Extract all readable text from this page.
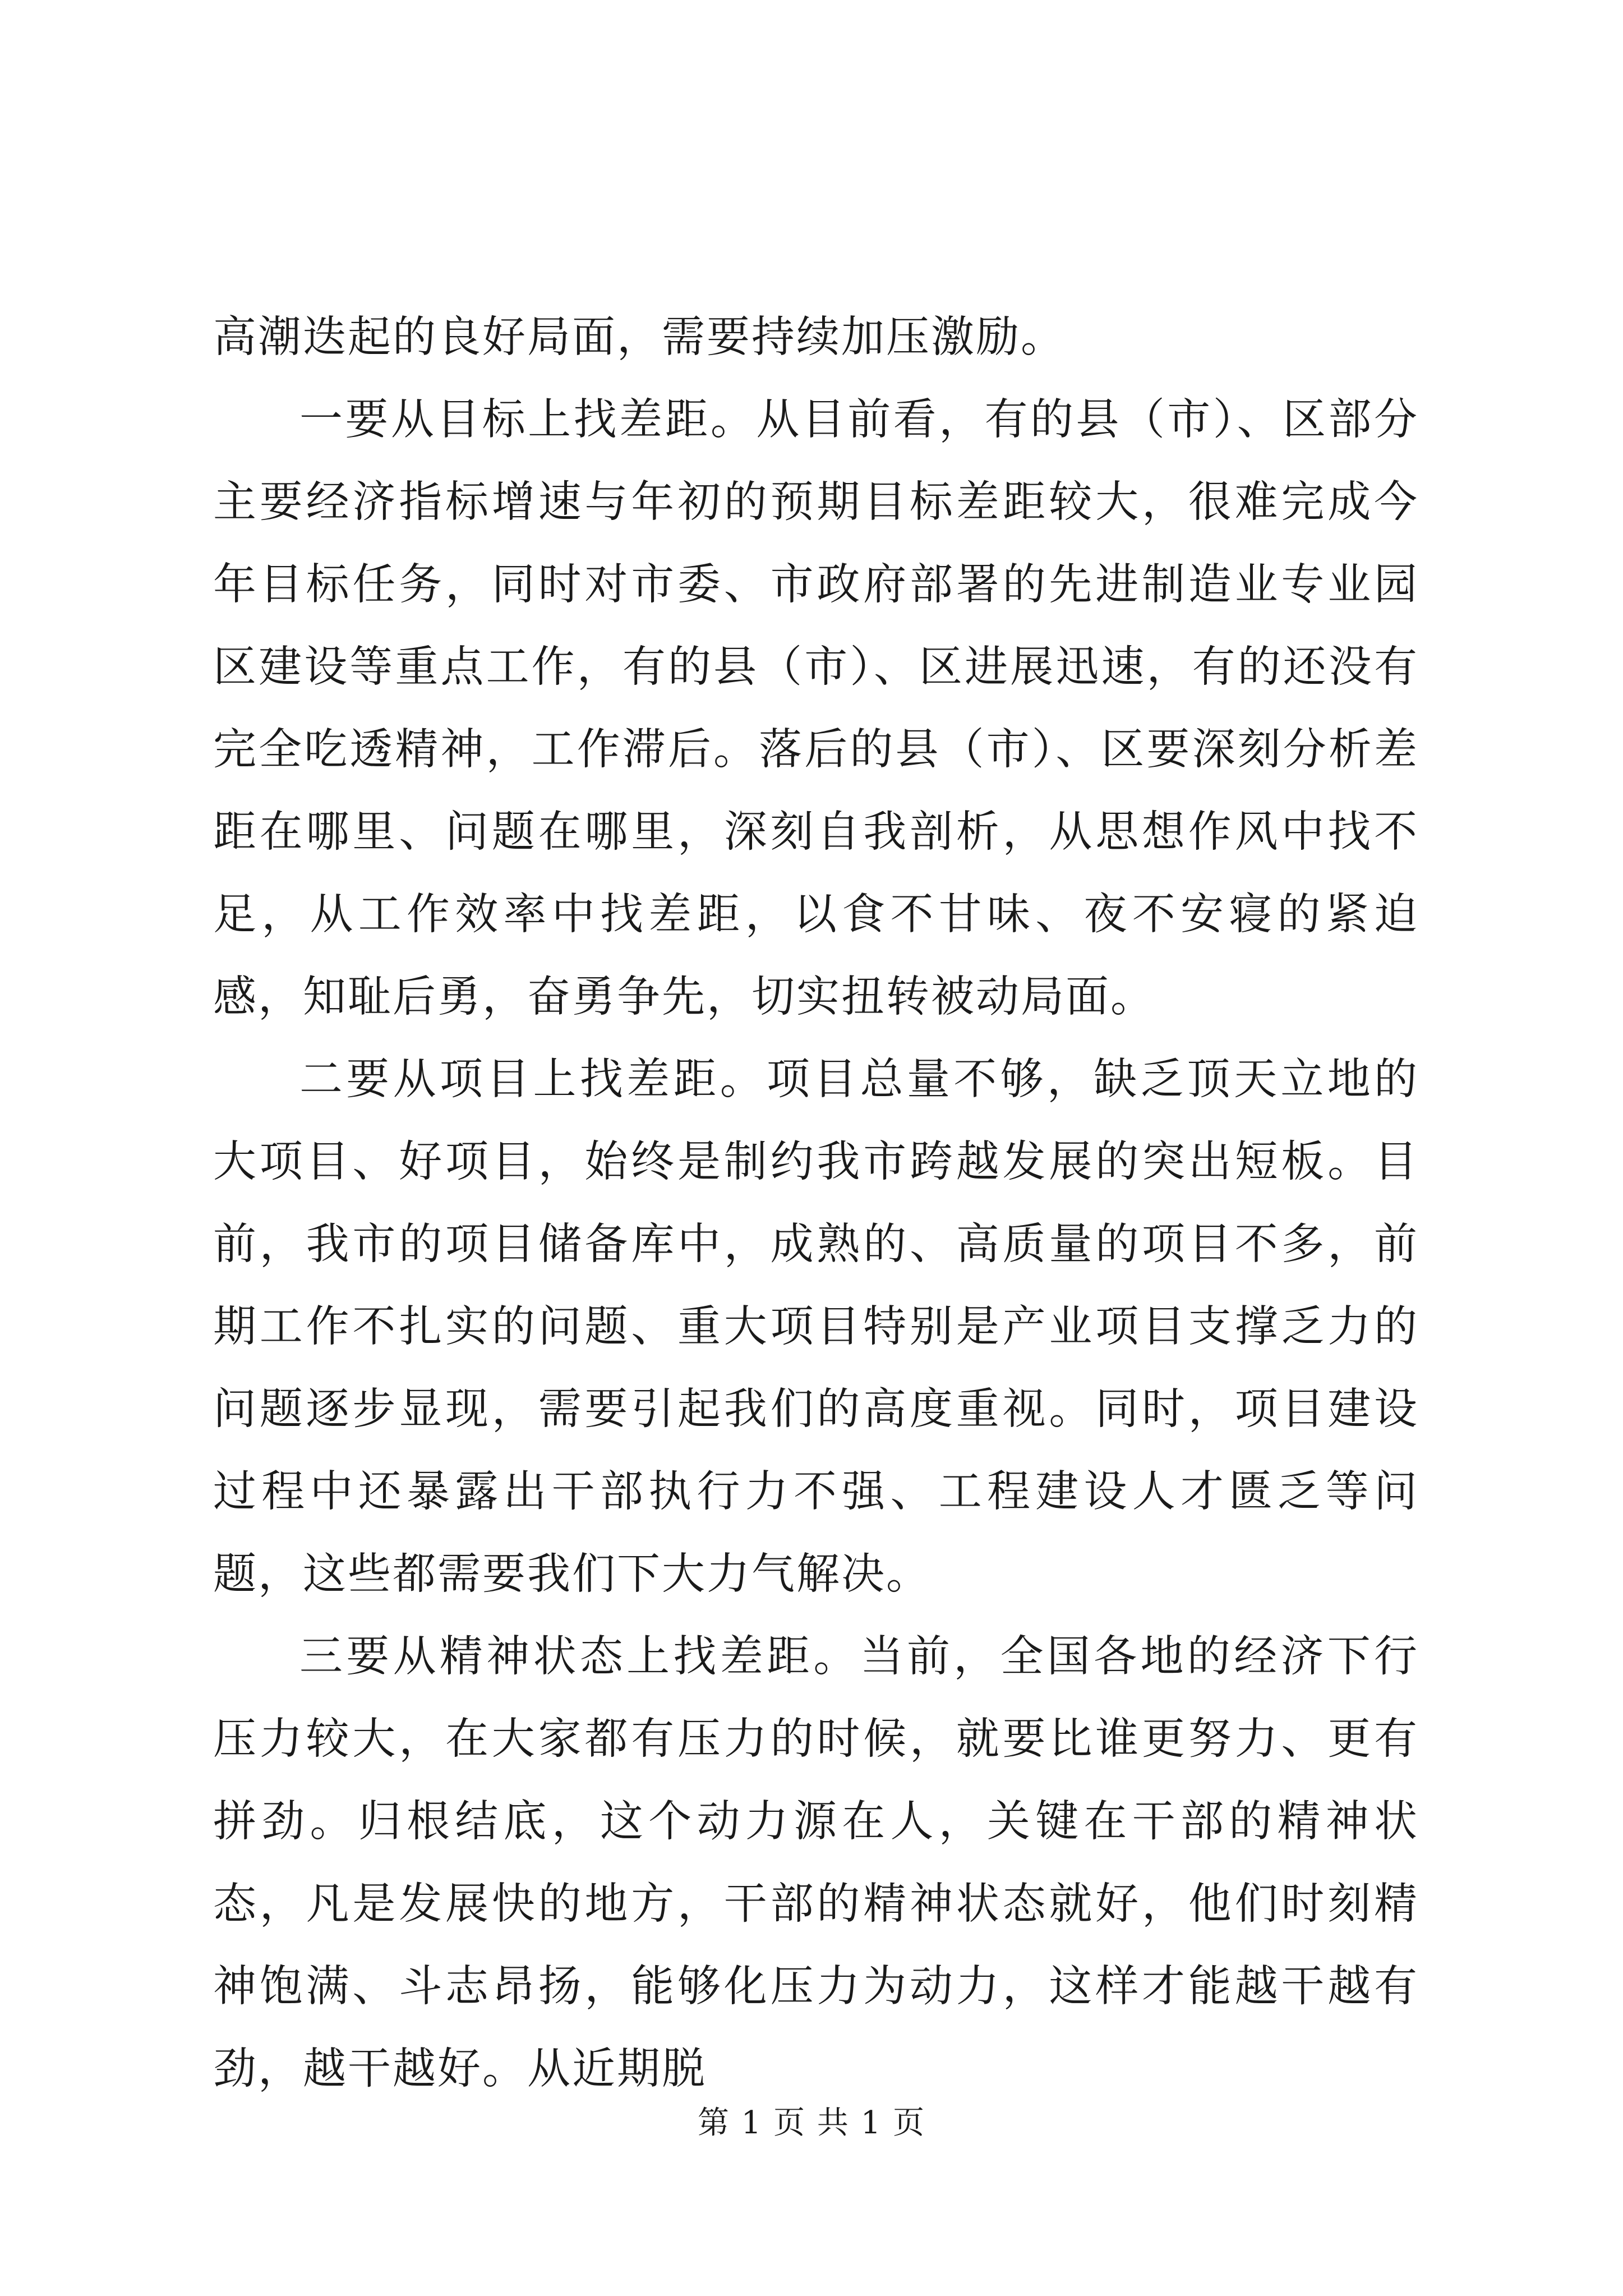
高潮迭起的良好局面，需要持续加压激励。

一要从目标上找差距。从目前看，有的县（市）、区部分主要经济指标增速与年初的预期目标差距较大，很难完成今年目标任务，同时对市委、市政府部署的先进制造业专业园区建设等重点工作，有的县（市）、区进展迅速，有的还没有完全吃透精神，工作滞后。落后的县（市）、区要深刻分析差距在哪里、问题在哪里，深刻自我剖析，从思想作风中找不足，从工作效率中找差距，以食不甘味、夜不安寝的紧迫感，知耻后勇，奋勇争先，切实扭转被动局面。

二要从项目上找差距。项目总量不够，缺乏顶天立地的大项目、好项目，始终是制约我市跨越发展的突出短板。目前，我市的项目储备库中，成熟的、高质量的项目不多，前期工作不扎实的问题、重大项目特别是产业项目支撑乏力的问题逐步显现，需要引起我们的高度重视。同时，项目建设过程中还暴露出干部执行力不强、工程建设人才匮乏等问题，这些都需要我们下大力气解决。

三要从精神状态上找差距。当前，全国各地的经济下行压力较大，在大家都有压力的时候，就要比谁更努力、更有拼劲。归根结底，这个动力源在人，关键在干部的精神状态，凡是发展快的地方，干部的精神状态就好，他们时刻精神饱满、斗志昂扬，能够化压力为动力，这样才能越干越有劲，越干越好。从近期脱

第 1 页 共 1 页
